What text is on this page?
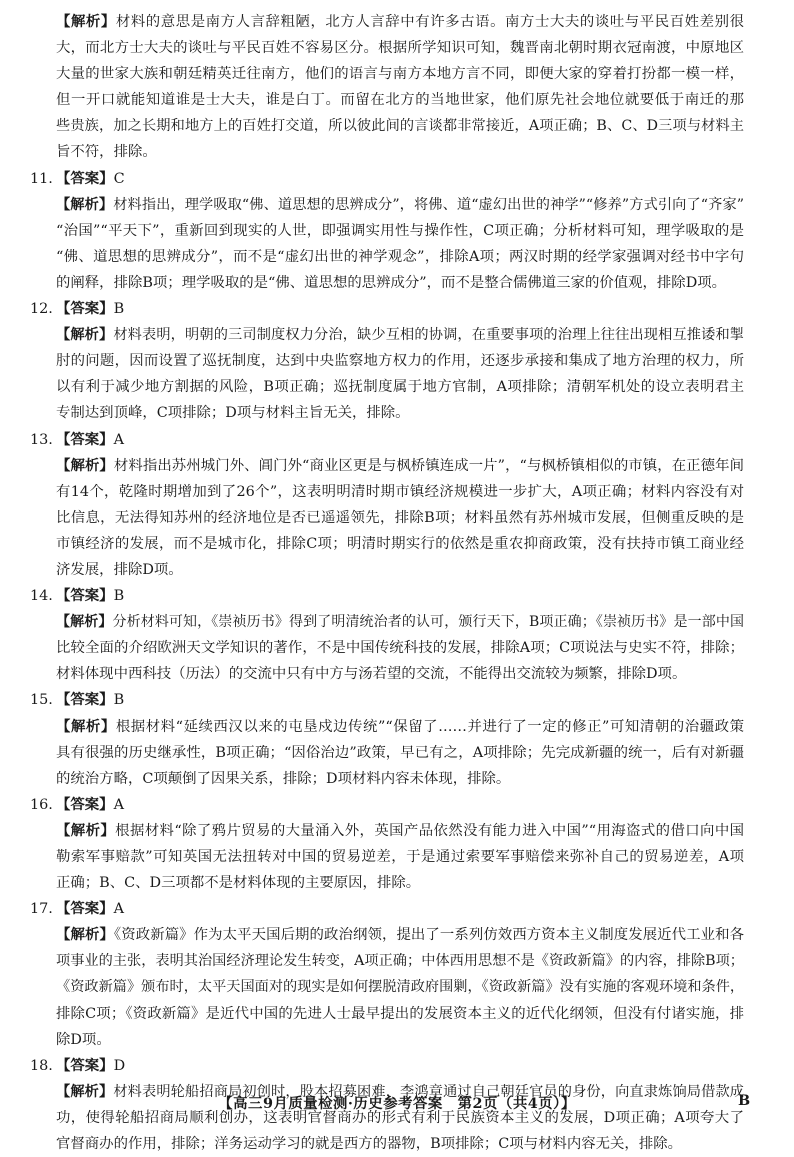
【解析】材料的意思是南方人言辞粗陋，北方人言辞中有许多古语。南方士大夫的谈吐与平民百姓差别很
大，而北方士大夫的谈吐与平民百姓不容易区分。根据所学知识可知，魏晋南北朝时期衣冠南渡，中原地区
大量的世家大族和朝廷精英迁往南方，他们的语言与南方本地方言不同，即便大家的穿着打扮都一模一样，
但一开口就能知道谁是士大夫，谁是白丁。而留在北方的当地世家，他们原先社会地位就要低于南迁的那
些贵族，加之长期和地方上的百姓打交道，所以彼此间的言谈都非常接近，A项正确；B、C、D三项与材料主
旨不符，排除。
11. 【答案】C
【解析】材料指出，理学吸取“佛、道思想的思辨成分”，将佛、道“虚幻出世的神学”“修养”方式引向了“齐家”
“治国”“平天下”，重新回到现实的人世，即强调实用性与操作性，C项正确；分析材料可知，理学吸取的是
“佛、道思想的思辨成分”，而不是“虚幻出世的神学观念”，排除A项；两汉时期的经学家强调对经书中字句
的阐释，排除B项；理学吸取的是“佛、道思想的思辨成分”，而不是整合儒佛道三家的价值观，排除D项。
12. 【答案】B
【解析】材料表明，明朝的三司制度权力分治，缺少互相的协调，在重要事项的治理上往往出现相互推诿和掣
肘的问题，因而设置了巡抚制度，达到中央监察地方权力的作用，还逐步承接和集成了地方治理的权力，所
以有利于减少地方割据的风险，B项正确；巡抚制度属于地方官制，A项排除；清朝军机处的设立表明君主
专制达到顶峰，C项排除；D项与材料主旨无关，排除。
13. 【答案】A
【解析】材料指出苏州城门外、阊门外“商业区更是与枫桥镇连成一片”，“与枫桥镇相似的市镇，在正德年间
有14个，乾隆时期增加到了26个”，这表明明清时期市镇经济规模进一步扩大，A项正确；材料内容没有对
比信息，无法得知苏州的经济地位是否已遥遥领先，排除B项；材料虽然有苏州城市发展，但侧重反映的是
市镇经济的发展，而不是城市化，排除C项；明清时期实行的依然是重农抑商政策，没有扶持市镇工商业经
济发展，排除D项。
14. 【答案】B
【解析】分析材料可知，《崇祯历书》得到了明清统治者的认可，颁行天下，B项正确；《崇祯历书》是一部中国
比较全面的介绍欧洲天文学知识的著作，不是中国传统科技的发展，排除A项；C项说法与史实不符，排除；
材料体现中西科技（历法）的交流中只有中方与汤若望的交流，不能得出交流较为频繁，排除D项。
15. 【答案】B
【解析】根据材料“延续西汉以来的屯垦戍边传统”“保留了……并进行了一定的修正”可知清朝的治疆政策
具有很强的历史继承性，B项正确；“因俗治边”政策，早已有之，A项排除；先完成新疆的统一，后有对新疆
的统治方略，C项颠倒了因果关系，排除；D项材料内容未体现，排除。
16. 【答案】A
【解析】根据材料“除了鸦片贸易的大量涌入外，英国产品依然没有能力进入中国”“用海盗式的借口向中国
勒索军事赔款”可知英国无法扭转对中国的贸易逆差，于是通过索要军事赔偿来弥补自己的贸易逆差，A项
正确；B、C、D三项都不是材料体现的主要原因，排除。
17. 【答案】A
【解析】《资政新篇》作为太平天国后期的政治纲领，提出了一系列仿效西方资本主义制度发展近代工业和各
项事业的主张，表明其治国经济理论发生转变，A项正确；中体西用思想不是《资政新篇》的内容，排除B项；
《资政新篇》颁布时，太平天国面对的现实是如何摆脱清政府围剿，《资政新篇》没有实施的客观环境和条件，
排除C项；《资政新篇》是近代中国的先进人士最早提出的发展资本主义的近代化纲领，但没有付诸实施，排
除D项。
18. 【答案】D
【解析】材料表明轮船招商局初创时，股本招募困难，李鸿章通过自己朝廷官员的身份，向直隶炼饷局借款成
功，使得轮船招商局顺利创办，这表明官督商办的形式有利于民族资本主义的发展，D项正确；A项夸大了
官督商办的作用，排除；洋务运动学习的就是西方的器物，B项排除；C项与材料内容无关，排除。
【高三9月质量检测·历史参考答案　第2页（共4页）】	B
